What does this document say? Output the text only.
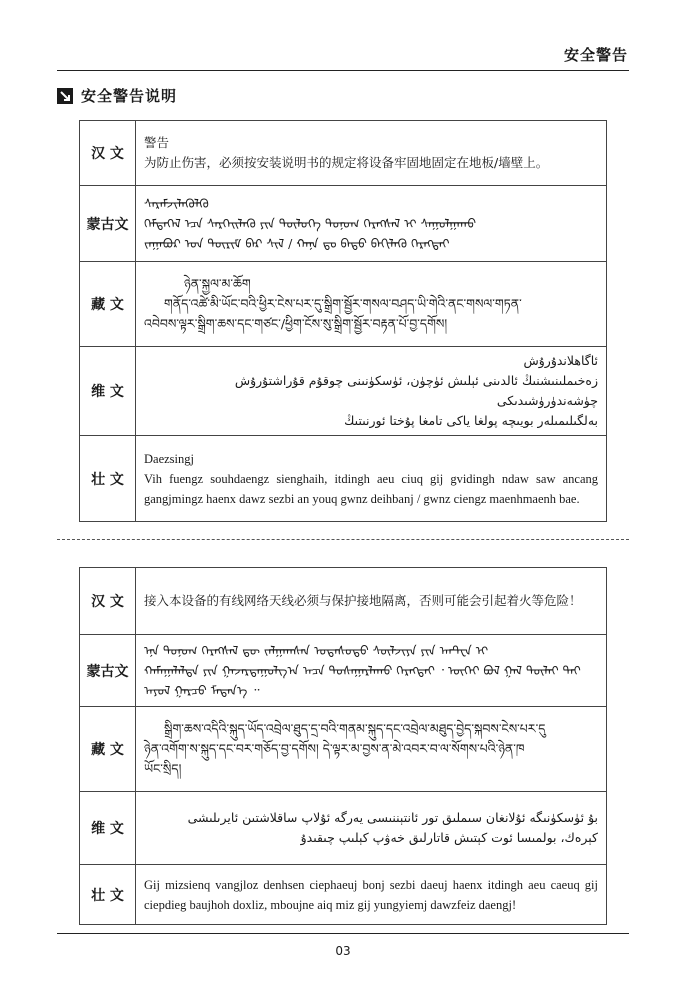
安全警告
安全警告说明
汉 文	警告
为防止伤害，必须按安装说明书的规定将设备牢固地固定在地板/墙壁上。

蒙古文	ᠰᠡᠷᠡᠮᠵᠢᠯᠡᠭᠦᠯᠬᠦ
ᠭᠡᠮᠲᠡᠭᠡᠯ ᠡᠴᠡ ᠰᠡᠷᠭᠡᠢᠯᠡᠬᠦ ᠶᠢᠨ ᠲᠥᠯᠥᠭᠡ ᠲᠣᠨᠤᠭ ᠬᠡᠷᠡᠭᠰᠡᠯ ᠢ ᠰᠠᠭᠤᠯᠭᠠᠬᠤ
ᠵᠠᠭᠠᠪᠤᠷ ᠤᠨ ᠳᠦᠷᠢᠮ ᠪᠡᠷ ᠰᠢᠯ / ᠬᠠᠨᠠ ᠳᠤ ᠪᠠᠲᠤ ᠪᠡᠬᠢᠯᠡᠬᠦ ᠬᠡᠷᠡᠭᠲᠡᠢ

藏 文	ཉེན་སྐྱལ་མ་ཆོག
གནོད་འཚེ་མི་ཡོང་བའི་ཕྱིར་ངེས་པར་དུ་སྒྲིག་སྦྱོར་གསལ་བཤད་ཡི་གེའི་ནང་གསལ་གཏན་
འབེབས་ལྟར་སྒྲིག་ཆས་དང་གཙང་/ཕྱིག་ངོས་སུ་སྒྲིག་སྦྱོར་བརྟན་པོ་བྱ་དགོས།

维 文	ئاگاھلاندۇرۇش
زەخىملىنىشنىڭ ئالدىنى ئېلىش ئۈچۈن، ئۈسكۈنىنى چوقۇم قۇراشتۇرۇش چۈشەندۈرۈشىدىكى
بەلگىلىمىلەر بويىچە پولغا ياكى تامغا پۇختا ئورنىتىڭ

壮 文	Daezsingj
Vih fuengz souhdaengz sienghaih, itdingh aeu ciuq gij gvidingh ndaw saw ancang gangjmingz haenx dawz sezbi an youq gwnz deihbanj / gwnz ciengz maenhmaenh bae.
汉 文	接入本设备的有线网络天线必须与保护接地隔离，否则可能会引起着火等危险！

蒙古文	ᠡᠨᠡ ᠲᠣᠨᠤᠭ ᠬᠡᠷᠡᠭᠰᠡᠯ ᠳᠦ ᠵᠠᠯᠭᠠᠭᠰᠠᠨ ᠤᠲᠠᠰᠤᠲᠤ ᠰᠦᠯᠵᠢᠶᠡ ᠶᠢᠨ ᠠᠨᠲ᠋ᠧᠨ ᠢ
ᠬᠠᠮᠠᠭᠠᠯᠠᠯᠲᠠ ᠶᠢᠨ ᠭᠠᠵᠠᠷᠳᠠᠭᠤᠯᠭ᠎ᠠ ᠠᠴᠠ ᠲᠤᠰᠠᠭᠠᠷᠯᠠᠬᠤ ᠬᠡᠷᠡᠭᠲᠡᠢ ᠂ ᠦᠭᠡᠢ ᠪᠣᠯ ᠭᠠᠯ ᠲᠦᠯᠡᠢ ᠲᠡᠢ ᠠᠶᠤᠯ ᠭᠠᠷᠴᠤ ᠮᠡᠳᠡᠨ᠎ᠡ ᠃

藏 文	སྒྲིག་ཆས་འདིའི་སྐུད་ཡོད་འབྲེལ་ཐུད་དྲ་བའི་གནམ་སྐུད་དང་འབྲེལ་མཐུད་བྱེད་སྐབས་ངེས་པར་དུ
ཉེན་འགོག་ས་སྐུད་དང་བར་གཅོད་བྱ་དགོས། དེ་ལྟར་མ་བྱས་ན་མེ་འབར་བ་ལ་སོགས་པའི་ཉེན་ཁ
ཡོང་སྲིད།

维 文	بۇ ئۈسكۈنىگە ئۇلانغان سىملىق تور ئانتېننىسى يەرگە ئۇلاپ ساقلاشتىن ئايرىلىشى
كېرەك، بولمىسا ئوت كېتىش قاتارلىق خەۋپ كېلىپ چىقىدۇ

壮 文	Gij mizsienq vangjloz denhsen ciephaeuj bonj sezbi daeuj haenx itdingh aeu caeuq gij ciepdieg baujhoh doxliz, mboujne aiq miz gij yungyiemj dawzfeiz daengj!
03
